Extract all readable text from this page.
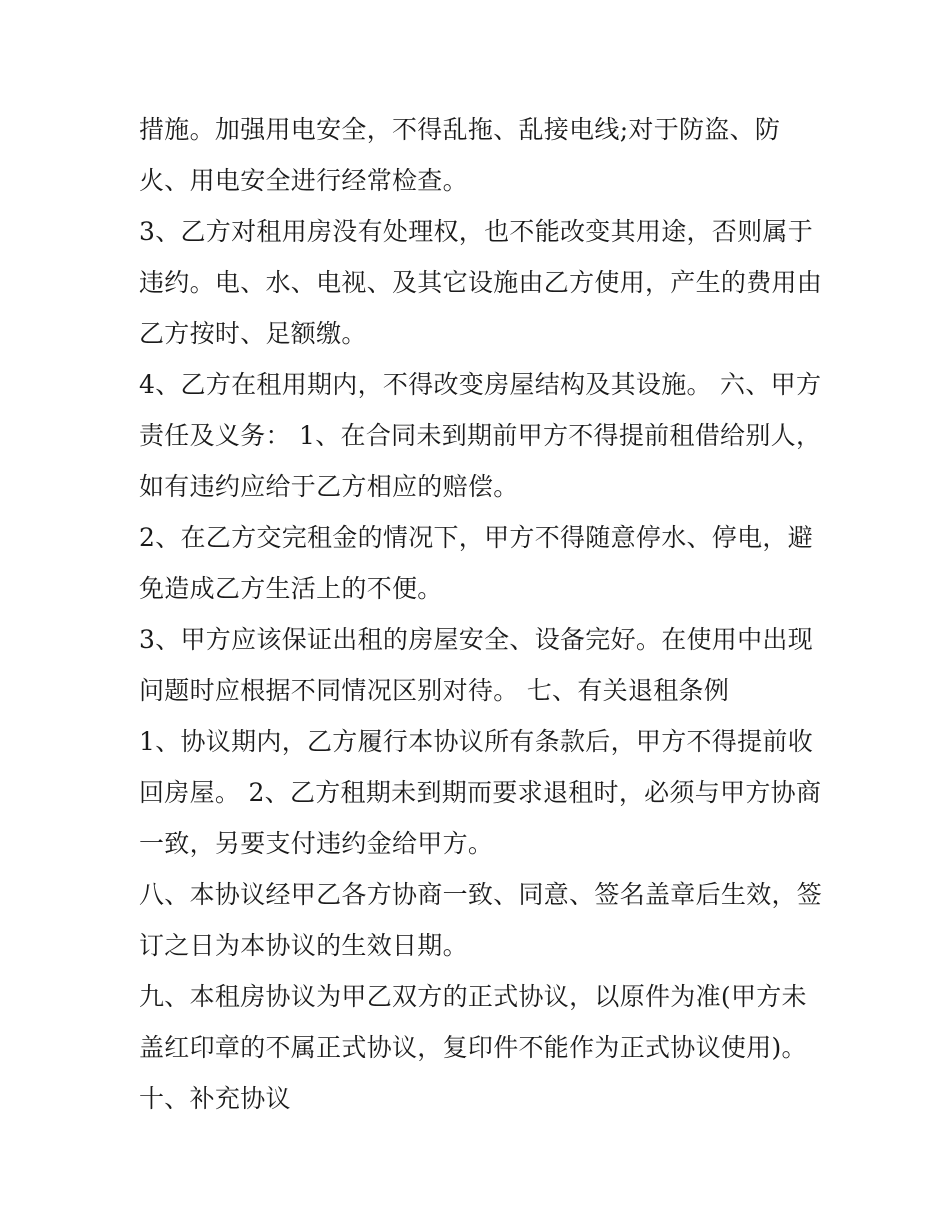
措施。加强用电安全，不得乱拖、乱接电线;对于防盗、防
火、用电安全进行经常检查。
3、乙方对租用房没有处理权，也不能改变其用途，否则属于
违约。电、水、电视、及其它设施由乙方使用，产生的费用由
乙方按时、足额缴。
4、乙方在租用期内，不得改变房屋结构及其设施。 六、甲方
责任及义务： 1、在合同未到期前甲方不得提前租借给别人，
如有违约应给于乙方相应的赔偿。
2、在乙方交完租金的情况下，甲方不得随意停水、停电，避
免造成乙方生活上的不便。
3、甲方应该保证出租的房屋安全、设备完好。在使用中出现
问题时应根据不同情况区别对待。 七、有关退租条例
1、协议期内，乙方履行本协议所有条款后，甲方不得提前收
回房屋。 2、乙方租期未到期而要求退租时，必须与甲方协商
一致，另要支付违约金给甲方。
八、本协议经甲乙各方协商一致、同意、签名盖章后生效，签
订之日为本协议的生效日期。
九、本租房协议为甲乙双方的正式协议，以原件为准(甲方未
盖红印章的不属正式协议，复印件不能作为正式协议使用)。
十、补充协议
